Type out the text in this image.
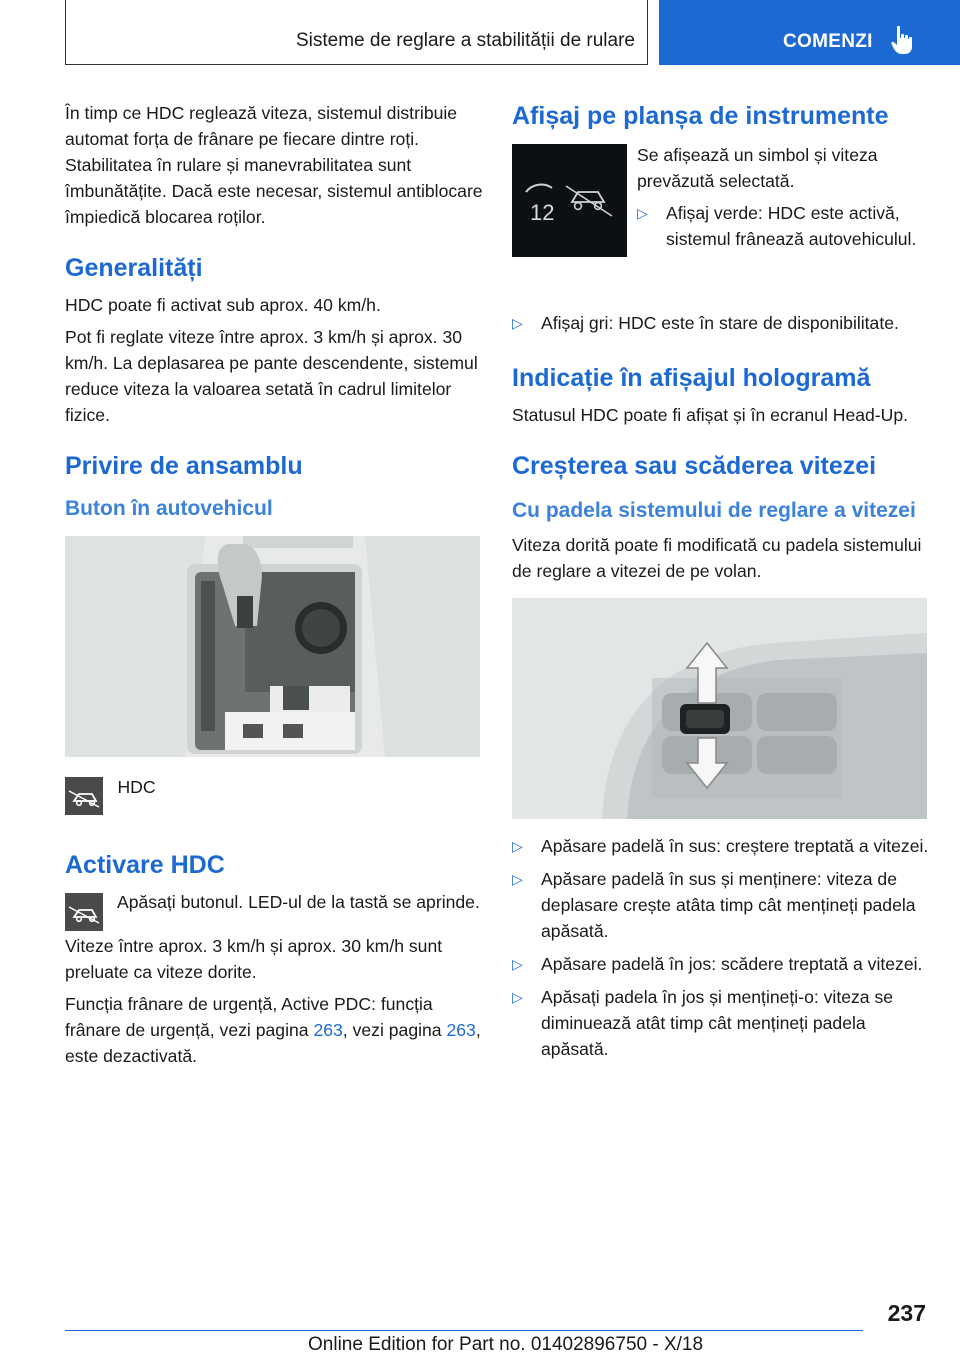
Sisteme de reglare a stabilității de rulare	COMENZI

În timp ce HDC reglează viteza, sistemul distribuie automat forța de frânare pe fiecare dintre roți. Stabilitatea în rulare și manevrabilitatea sunt îmbunătățite. Dacă este necesar, sistemul antiblocare împiedică blocarea roților.

Generalități

HDC poate fi activat sub aprox. 40 km/h.

Pot fi reglate viteze între aprox. 3 km/h și aprox. 30 km/h. La deplasarea pe pante descendente, sistemul reduce viteza la valoarea setată în cadrul limitelor fizice.

Privire de ansamblu
Buton în autovehicul
HDC
Activare HDC

Apăsați butonul. LED-ul de la tastă se aprinde.

Viteze între aprox. 3 km/h și aprox. 30 km/h sunt preluate ca viteze dorite.

Funcția frânare de urgență, Active PDC: funcția frânare de urgență, vezi pagina 263, vezi pagina 263, este dezactivată.

Afișaj pe planșa de instrumente
12

Se afișează un simbol și viteza prevăzută selectată.

▷ Afișaj verde: HDC este activă, sistemul frânează autovehiculul.
▷ Afișaj gri: HDC este în stare de disponibilitate.
Indicație în afișajul hologramă

Statusul HDC poate fi afișat și în ecranul Head-Up.

Creșterea sau scăderea vitezei
Cu padela sistemului de reglare a vitezei

Viteza dorită poate fi modificată cu padela sistemului de reglare a vitezei de pe volan.

▷ Apăsare padelă în sus: creștere treptată a vitezei.
▷ Apăsare padelă în sus și menținere: viteza de deplasare crește atâta timp cât mențineți padela apăsată.
▷ Apăsare padelă în jos: scădere treptată a vitezei.
▷ Apăsați padela în jos și mențineți-o: viteza se diminuează atât timp cât mențineți padela apăsată.
237
Online Edition for Part no. 01402896750 - X/18
